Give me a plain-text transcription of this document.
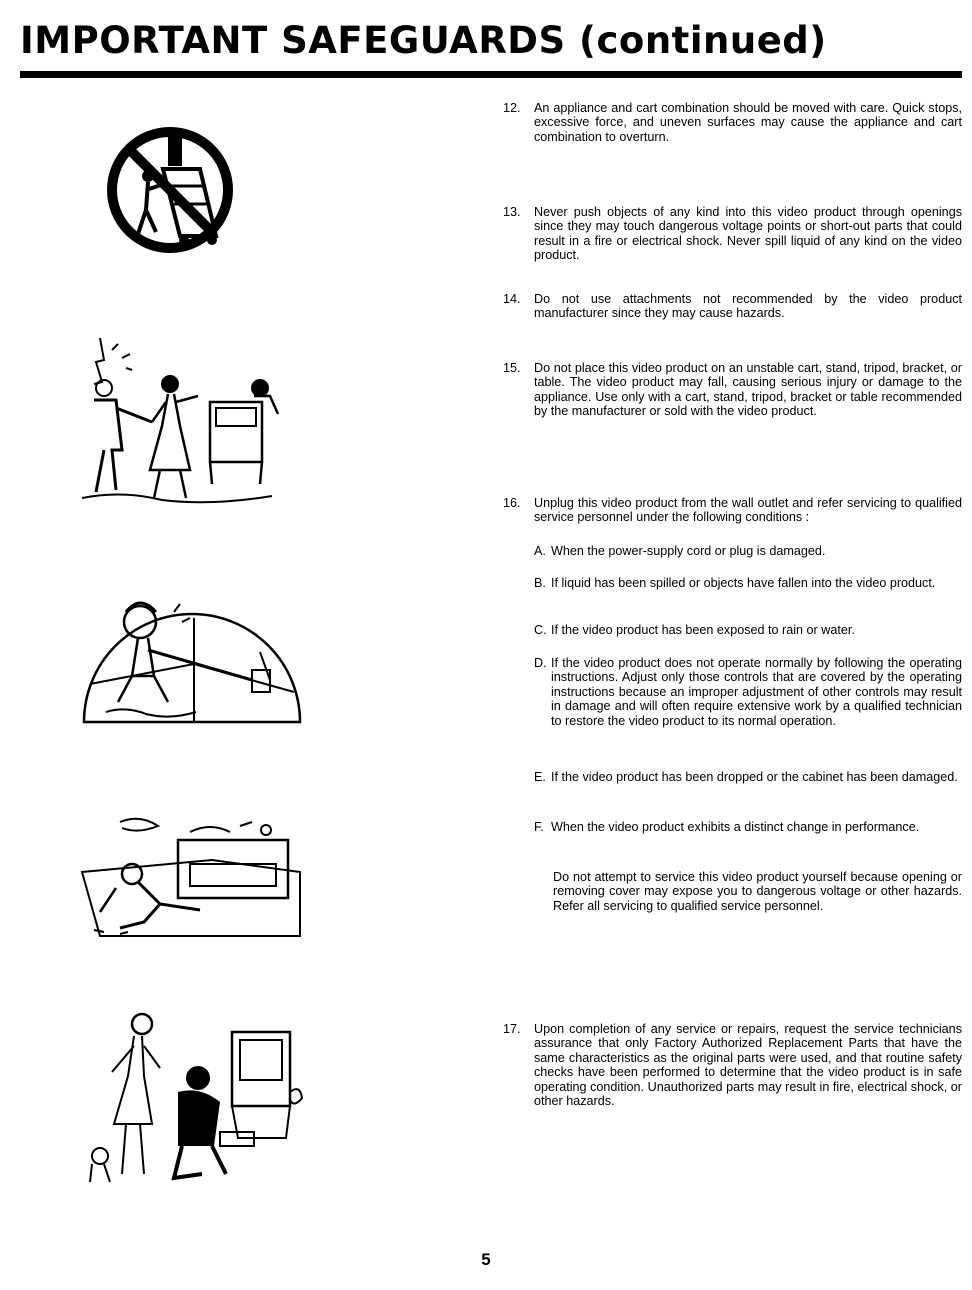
IMPORTANT SAFEGUARDS (continued)
12.	An appliance and cart combination should be moved with care. Quick stops, excessive force, and uneven surfaces may cause the appliance and cart combination to overturn.
13.	Never push objects of any kind into this video product through openings since they may touch dangerous voltage points or short-out parts that could result in a fire or electrical shock. Never spill liquid of any kind on the video product.
14.	Do not use attachments not recommended by the video product manufacturer since they may cause hazards.
15.	Do not place this video product on an unstable cart, stand, tripod, bracket, or table. The video product may fall, causing serious injury or damage to the appliance. Use only with a cart, stand, tripod, bracket or table recommended by the manufacturer or sold with the video product.
16.	Unplug this video product from the wall outlet and refer servicing to qualified service personnel under the following conditions :
A. When the power-supply cord or plug is damaged.
B. If liquid has been spilled or objects have fallen into the video product.
C. If the video product has been exposed to rain or water.
D. If the video product does not operate normally by following the operating instructions. Adjust only those controls that are covered by the operating instructions because an improper adjustment of other controls may result in damage and will often require extensive work by a qualified technician to restore the video product to its normal operation.
E. If the video product has been dropped or the cabinet has been damaged.
F. When the video product exhibits a distinct change in performance.
Do not attempt to service this video product yourself because opening or removing cover may expose you to dangerous voltage or other hazards. Refer all servicing to qualified service personnel.
17.	Upon completion of any service or repairs, request the service technicians assurance that only Factory Authorized Replacement Parts that have the same characteristics as the original parts were used, and that routine safety checks have been performed to determine that the video product is in safe operating condition. Unauthorized parts may result in fire, electrical shock, or other hazards.
5
